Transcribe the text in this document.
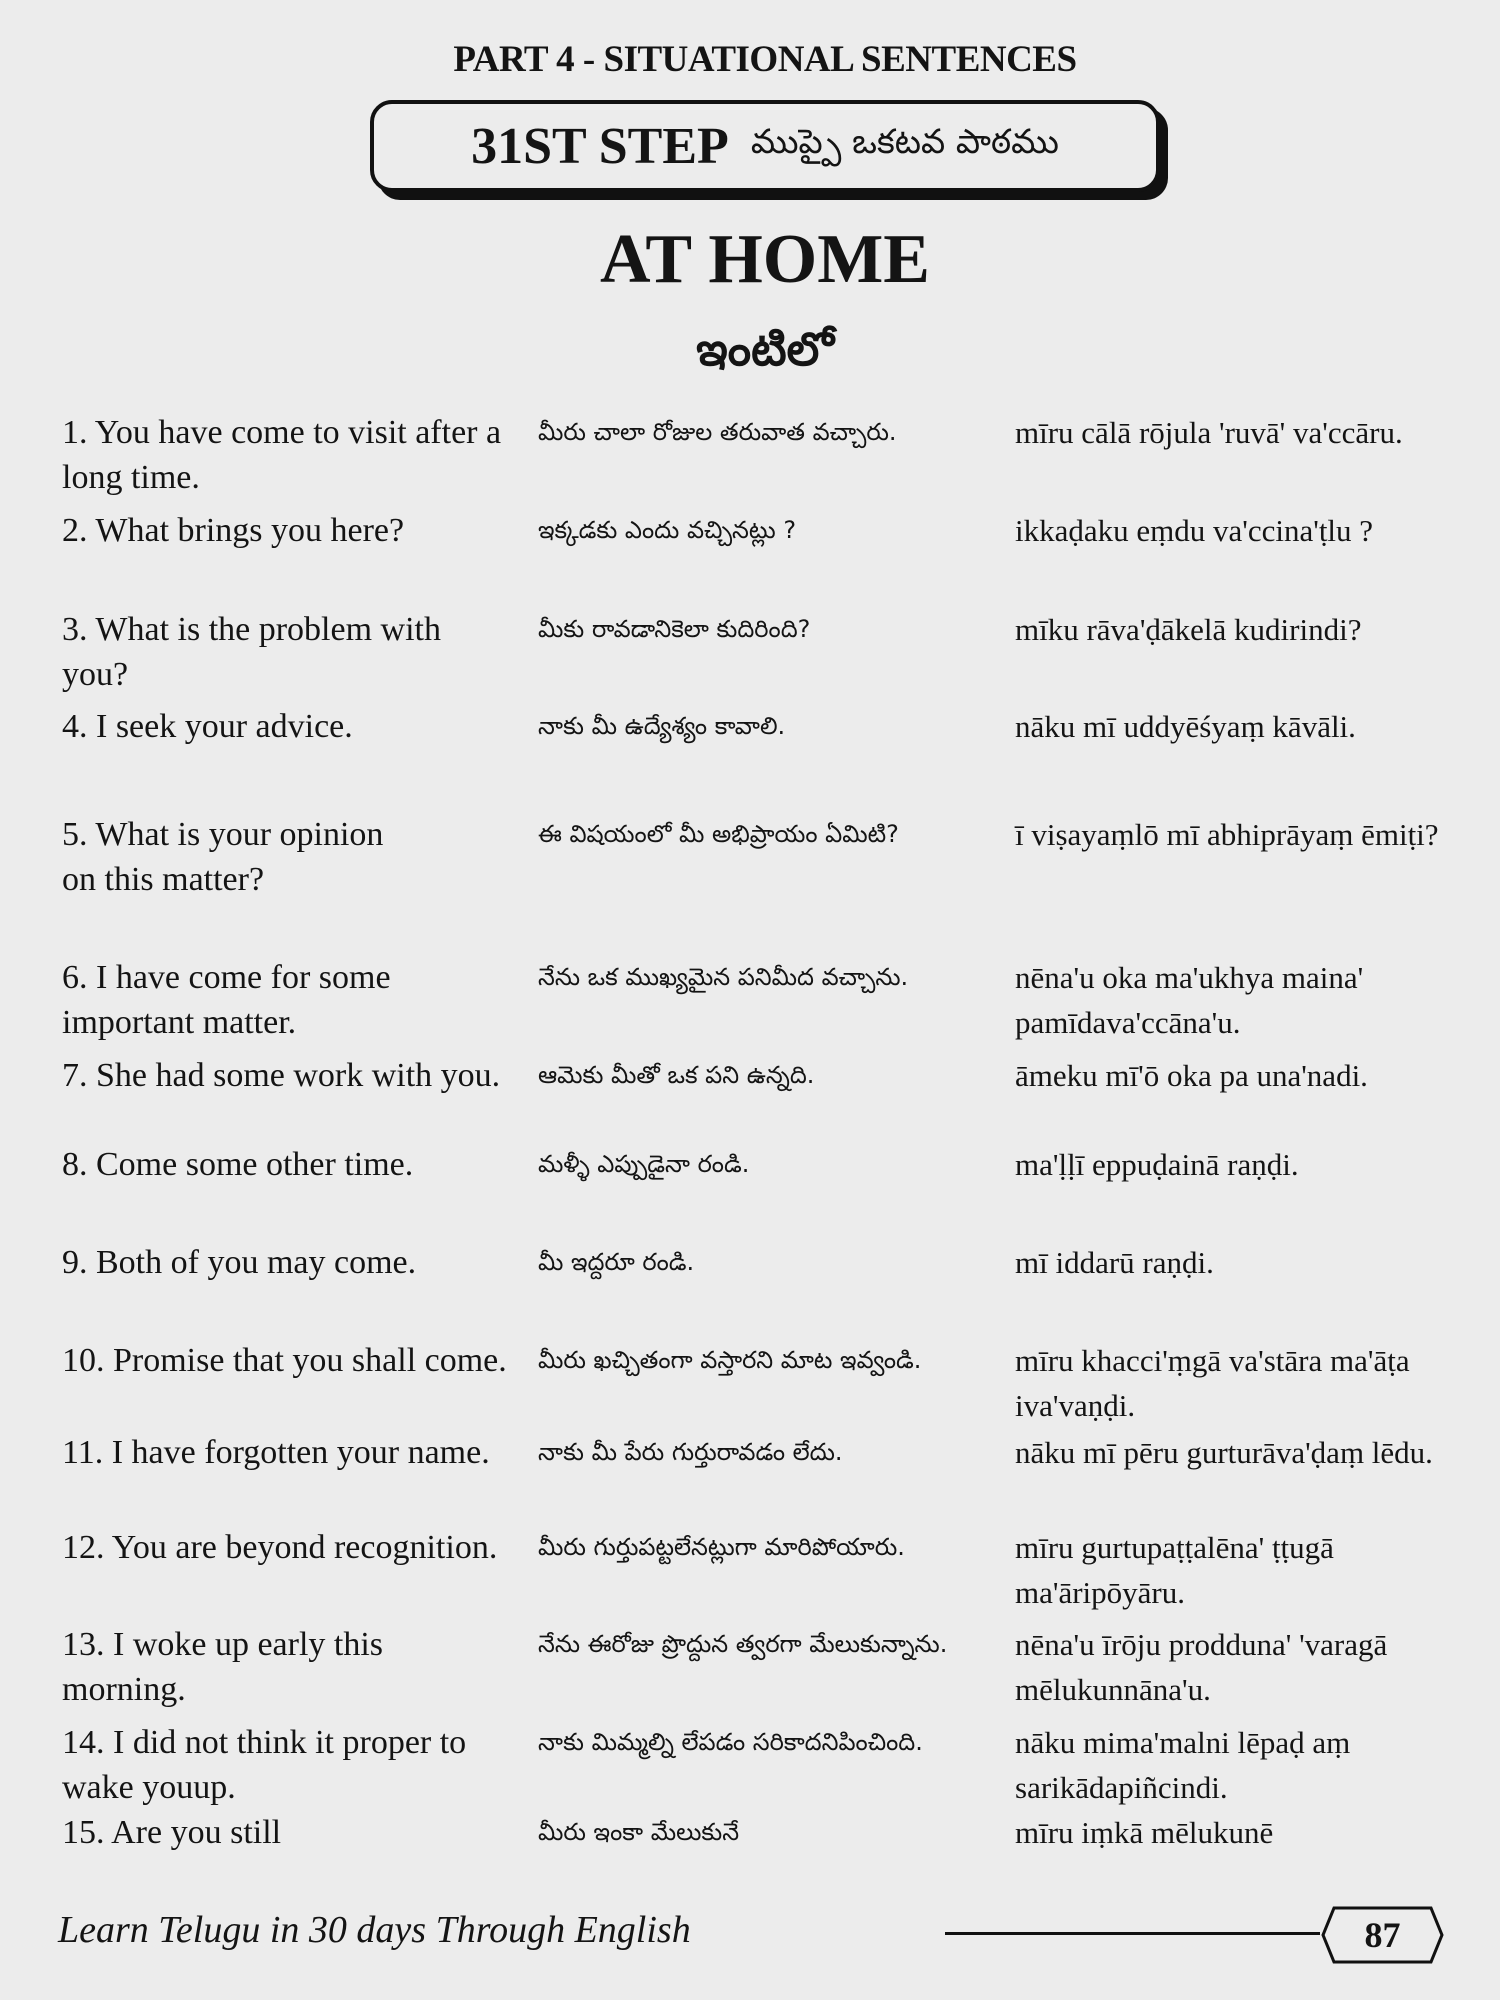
PART 4 - SITUATIONAL SENTENCES
31ST STEP ముప్పై ఒకటవ పాఠము
AT HOME
ఇంటిలో
1. You have come to visit after a long time.
మీరు చాలా రోజుల తరువాత వచ్చారు.	mīru cālā rōjula 'ruvā' va'ccāru.
2. What brings you here?	ఇక్కడకు ఎందు వచ్చినట్లు ?	ikkaḍaku eṃdu va'ccina'ṭlu ?
3. What is the problem with you?
మీకు రావడానికెలా కుదిరింది?	mīku rāva'ḍākelā kudirindi?
4. I seek your advice.	నాకు మీ ఉద్యేశ్యం కావాలి.	nāku mī uddyēśyaṃ kāvāli.
5. What is your opinion on this matter?
ఈ విషయంలో మీ అభిప్రాయం ఏమిటి?	ī viṣayaṃlō mī abhiprāyaṃ ēmiṭi?
6. I have come for some important matter.
నేను ఒక ముఖ్యమైన పనిమీద వచ్చాను.	nēna'u oka ma'ukhya maina' pamīdava'ccāna'u.
7. She had some work with you.	ఆమెకు మీతో ఒక పని ఉన్నది.	āmeku mī'ō oka pa una'nadi.
8. Come some other time.	మళ్ళీ ఎప్పుడైనా రండి.	ma'ḷḷī eppuḍainā raṇḍi.
9. Both of you may come.	మీ ఇద్దరూ రండి.	mī iddarū raṇḍi.
10. Promise that you shall come. మీరు ఖచ్చితంగా వస్తారని మాట ఇవ్వండి.	mīru khacci'ṃgā va'stāra ma'āṭa iva'vaṇḍi.
11. I have forgotten your name.	నాకు మీ పేరు గుర్తురావడం లేదు.	nāku mī pēru gurturāva'ḍaṃ lēdu.
12. You are beyond recognition.	మీరు గుర్తుపట్టలేనట్లుగా మారిపోయారు.	mīru gurtupaṭṭalēna' ṭṭugā ma'āripōyāru.
13. I woke up early this morning.
నేను ఈరోజు ప్రొద్దున త్వరగా మేలుకున్నాను.	nēna'u īrōju prodduna' 'varagā mēlukunnāna'u.
14. I did not think it proper to wake youup.
నాకు మిమ్మల్ని లేపడం సరికాదనిపించింది.	nāku mima'malni lēpaḍ aṃ sarikādapiñcindi.
15. Are you still	మీరు ఇంకా మేలుకునే	mīru iṃkā mēlukunē
Learn Telugu in 30 days Through English	87
